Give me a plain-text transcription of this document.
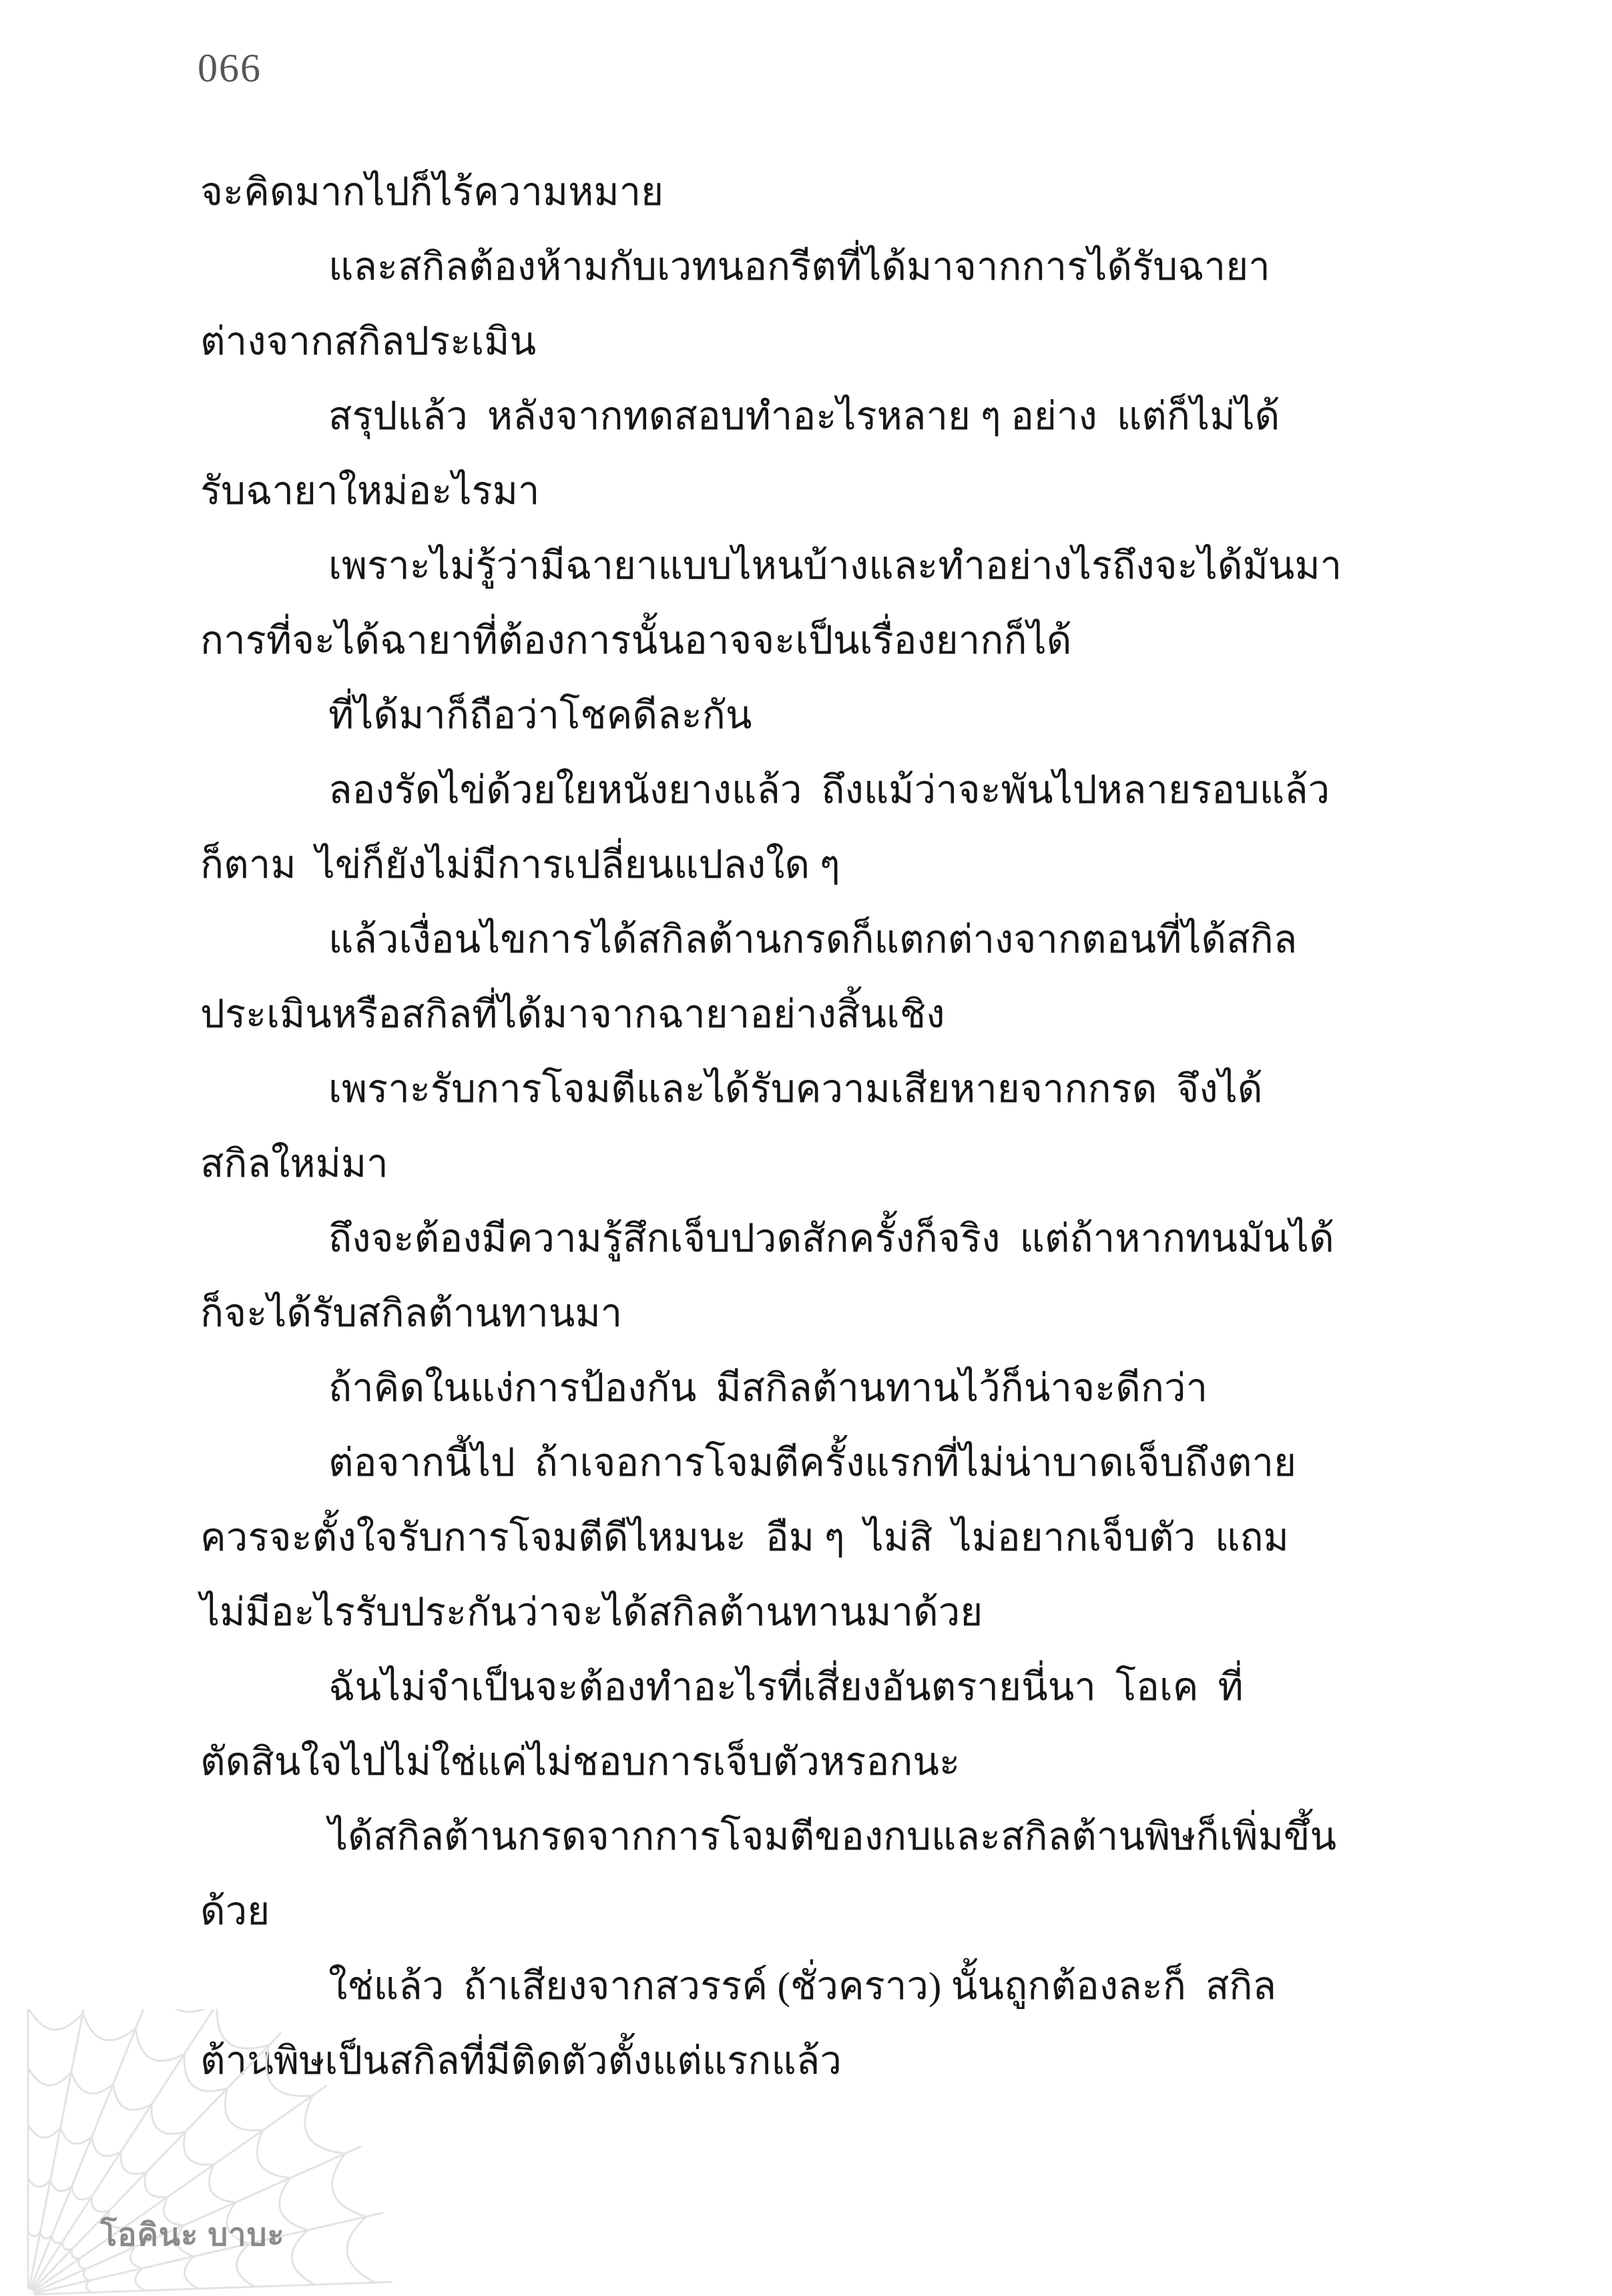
066
จะคิดมากไปก็ไร้ความหมาย
และสกิลต้องห้ามกับเวทนอกรีตที่ได้มาจากการได้รับฉายา
ต่างจากสกิลประเมิน
สรุปแล้ว  หลังจากทดสอบทำอะไรหลาย ๆ อย่าง  แต่ก็ไม่ได้
รับฉายาใหม่อะไรมา
เพราะไม่รู้ว่ามีฉายาแบบไหนบ้างและทำอย่างไรถึงจะได้มันมา
การที่จะได้ฉายาที่ต้องการนั้นอาจจะเป็นเรื่องยากก็ได้
ที่ได้มาก็ถือว่าโชคดีละกัน
ลองรัดไข่ด้วยใยหนังยางแล้ว  ถึงแม้ว่าจะพันไปหลายรอบแล้ว
ก็ตาม  ไข่ก็ยังไม่มีการเปลี่ยนแปลงใด ๆ
แล้วเงื่อนไขการได้สกิลต้านกรดก็แตกต่างจากตอนที่ได้สกิล
ประเมินหรือสกิลที่ได้มาจากฉายาอย่างสิ้นเชิง
เพราะรับการโจมตีและได้รับความเสียหายจากกรด  จึงได้
สกิลใหม่มา
ถึงจะต้องมีความรู้สึกเจ็บปวดสักครั้งก็จริง  แต่ถ้าหากทนมันได้
ก็จะได้รับสกิลต้านทานมา
ถ้าคิดในแง่การป้องกัน  มีสกิลต้านทานไว้ก็น่าจะดีกว่า
ต่อจากนี้ไป  ถ้าเจอการโจมตีครั้งแรกที่ไม่น่าบาดเจ็บถึงตาย
ควรจะตั้งใจรับการโจมตีดีไหมนะ  อืม ๆ  ไม่สิ  ไม่อยากเจ็บตัว  แถม
ไม่มีอะไรรับประกันว่าจะได้สกิลต้านทานมาด้วย
ฉันไม่จำเป็นจะต้องทำอะไรที่เสี่ยงอันตรายนี่นา  โอเค  ที่
ตัดสินใจไปไม่ใช่แค่ไม่ชอบการเจ็บตัวหรอกนะ
ได้สกิลต้านกรดจากการโจมตีของกบและสกิลต้านพิษก็เพิ่มขึ้น
ด้วย
ใช่แล้ว  ถ้าเสียงจากสวรรค์ (ชั่วคราว) นั้นถูกต้องละก็  สกิล
ต้านพิษเป็นสกิลที่มีติดตัวตั้งแต่แรกแล้ว
โอคินะ บาบะ
